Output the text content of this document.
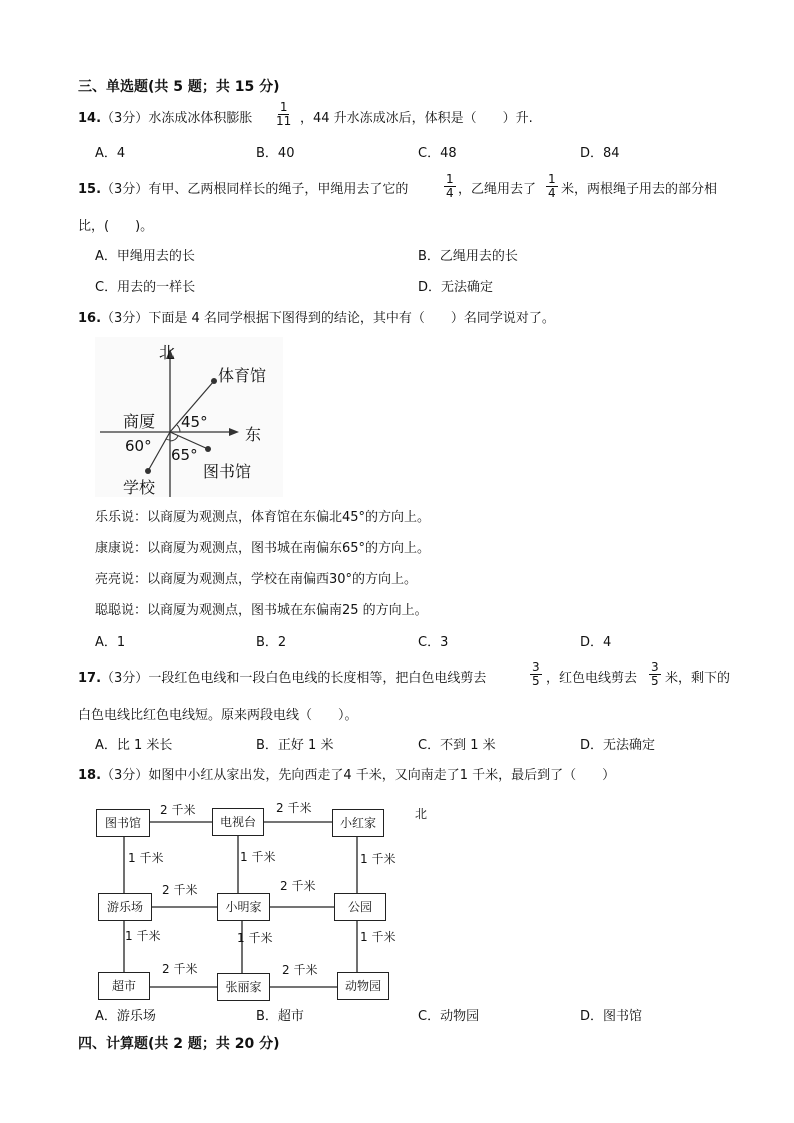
三、单选题(共 5 题；共 15 分)
14.（3分）水冻成冰体积膨胀 $\frac{1}{11}$ ，44 升水冻成冰后，体积是（　　）升.
A．4	B．40	C．48	D．84
15.（3分）有甲、乙两根同样长的绳子，甲绳用去了它的	$\frac{1}{4}$ ，乙绳用去了 $\frac{1}{4}$ 米，两根绳子用去的部分相
比，(　　)。
A．甲绳用去的长	B．乙绳用去的长
C．用去的一样长	D．无法确定
16.（3分）下面是 4 名同学根据下图得到的结论，其中有（　　）名同学说对了。
北
东
商厦
体育馆
图书馆
学校
45°
60° 65°
乐乐说：以商厦为观测点，体育馆在东偏北45°的方向上。
康康说：以商厦为观测点，图书城在南偏东65°的方向上。
亮亮说：以商厦为观测点，学校在南偏西30°的方向上。
聪聪说：以商厦为观测点，图书城在东偏南25 的方向上。
A．1	B．2	C．3	D．4
17.（3分）一段红色电线和一段白色电线的长度相等，把白色电线剪去	$\frac{3}{5}$ ，红色电线剪去 $\frac{3}{5}$ 米，剩下的
白色电线比红色电线短。原来两段电线（　　）。
A．比 1 米长	B．正好 1 米	C．不到 1 米	D．无法确定
18.（3分）如图中小红从家出发，先向西走了4 千米，又向南走了1 千米，最后到了（　　）
北
图书馆	电视台	小红家
游乐场	小明家	公园
超市	张丽家	动物园
2 千米	2 千米
2 千米	2 千米
2 千米	2 千米
1 千米	1 千米	1 千米
1 千米	1 千米	1 千米
A．游乐场	B．超市	C．动物园	D．图书馆
四、计算题(共 2 题；共 20 分)
